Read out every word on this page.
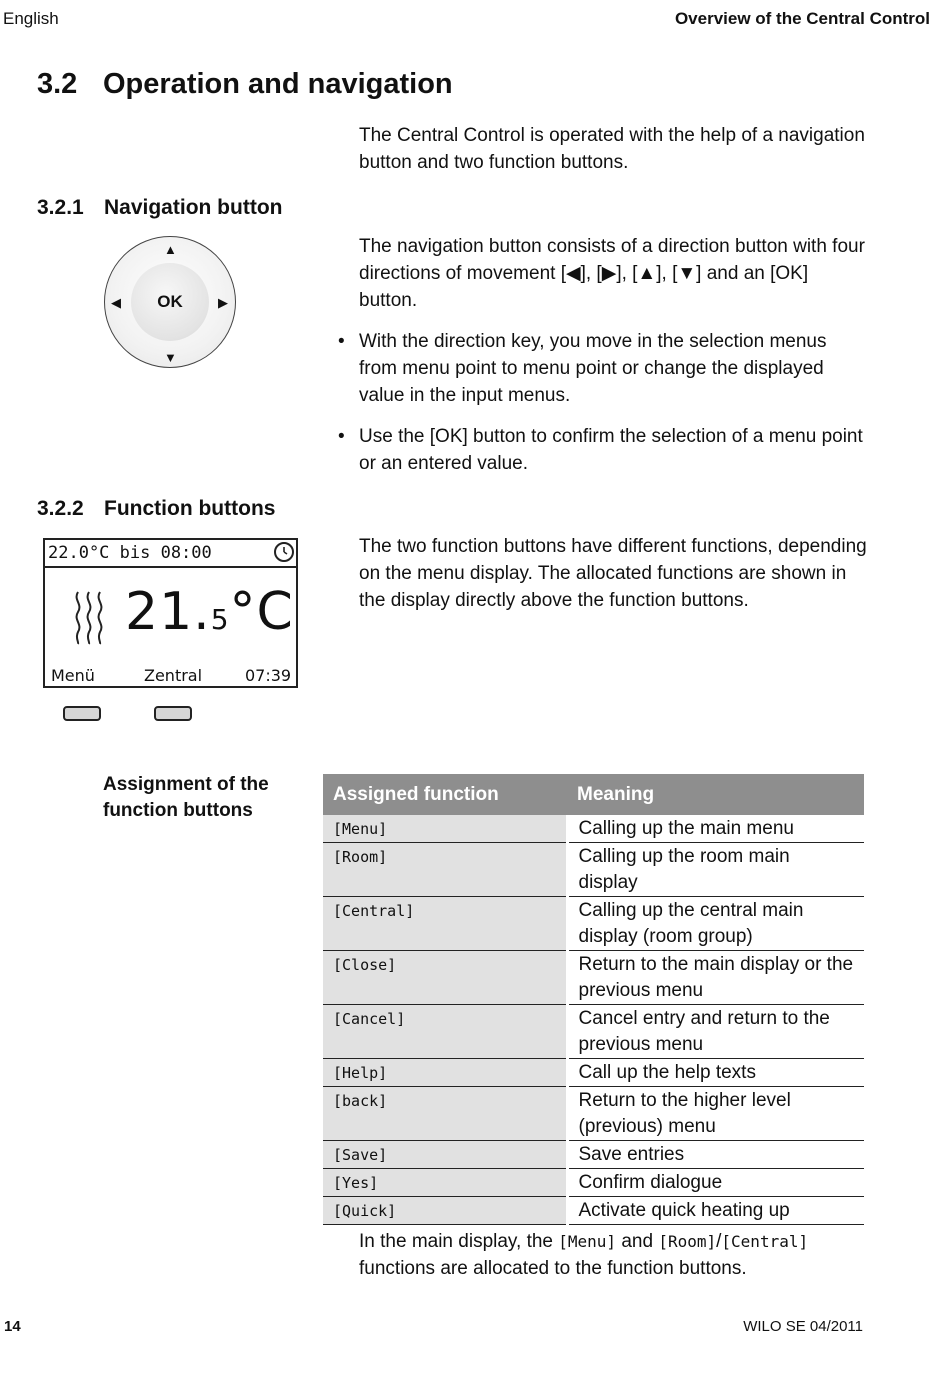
English	Overview of the Central Control
3.2 Operation and navigation
The Central Control is operated with the help of a navigation button and two function buttons.
3.2.1 Navigation button
OK
▲
▼
◀	▶
The navigation button consists of a direction button with four directions of movement [◀], [▶], [▲], [▼] and an [OK] button.
• With the direction key, you move in the selection menus from menu point to menu point or change the displayed value in the input menus.
• Use the [OK] button to confirm the selection of a menu point or an entered value.
3.2.2 Function buttons
22.0°C bis 08:00
21.5°C
Menü	Zentral	07:39
The two function buttons have different functions, depending on the menu display. The allocated functions are shown in the display directly above the function buttons.
Assignment of the function buttons
Assigned function	Meaning
[Menu]	Calling up the main menu
[Room]	Calling up the room main display
[Central]	Calling up the central main display (room group)
[Close]	Return to the main display or the previous menu
[Cancel]	Cancel entry and return to the previous menu
[Help]	Call up the help texts
[back]	Return to the higher level (previous) menu
[Save]	Save entries
[Yes]	Confirm dialogue
[Quick]	Activate quick heating up
In the main display, the [Menu] and [Room]/[Central] functions are allocated to the function buttons.
14	WILO SE 04/2011
